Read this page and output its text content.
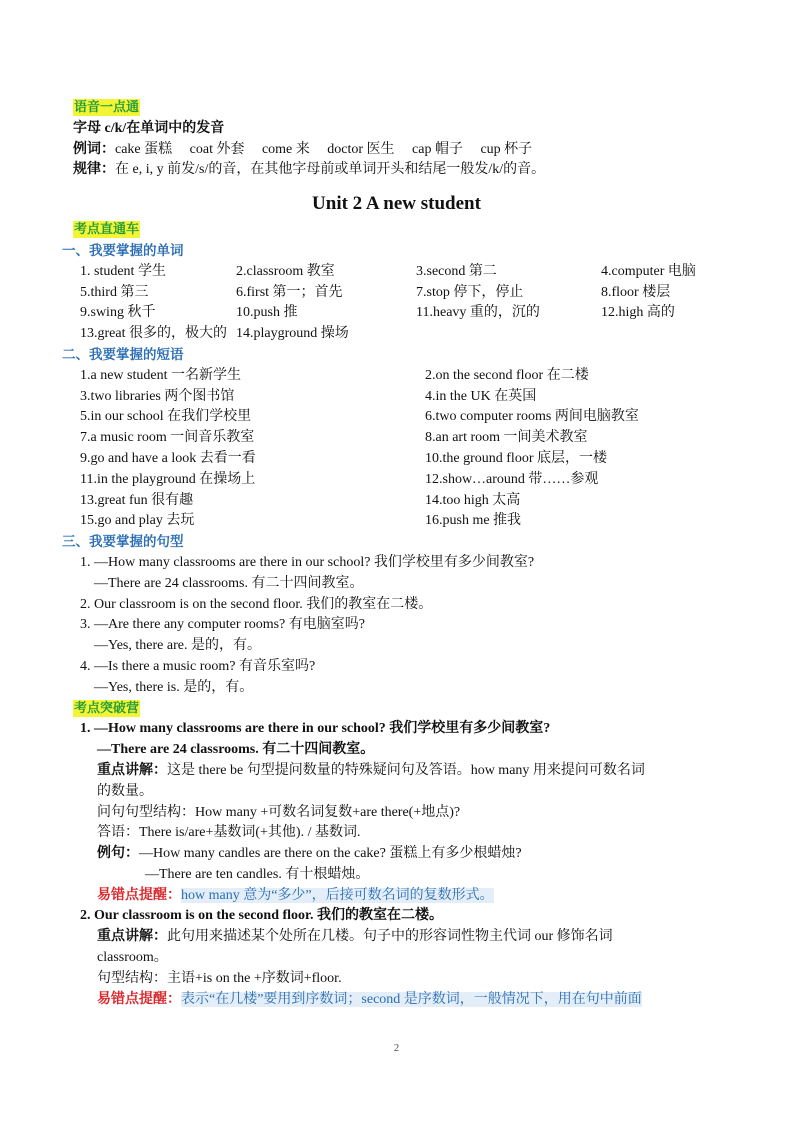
语音一点通
字母 c/k/在单词中的发音
例词：cake 蛋糕　 coat 外套　 come 来　 doctor 医生　 cap 帽子　 cup 杯子
规律：在 e, i, y 前发/s/的音，在其他字母前或单词开头和结尾一般发/k/的音。
Unit 2 A new student
考点直通车
一、我要掌握的单词
1. student 学生	2.classroom 教室	3.second 第二	4.computer 电脑
5.third 第三	6.first 第一；首先	7.stop 停下，停止	8.floor 楼层
9.swing 秋千	10.push 推	11.heavy 重的，沉的	12.high 高的
13.great 很多的，极大的 14.playground 操场
二、我要掌握的短语
1.a new student 一名新学生	2.on the second floor 在二楼
3.two libraries 两个图书馆	4.in the UK 在英国
5.in our school 在我们学校里	6.two computer rooms 两间电脑教室
7.a music room 一间音乐教室	8.an art room 一间美术教室
9.go and have a look 去看一看	10.the ground floor 底层，一楼
11.in the playground 在操场上	12.show…around 带……参观
13.great fun 很有趣	14.too high 太高
15.go and play 去玩	16.push me 推我
三、我要掌握的句型
1. —How many classrooms are there in our school? 我们学校里有多少间教室?
　—There are 24 classrooms. 有二十四间教室。
2. Our classroom is on the second floor. 我们的教室在二楼。
3. —Are there any computer rooms? 有电脑室吗?
　—Yes, there are. 是的，有。
4. —Is there a music room? 有音乐室吗?
　—Yes, there is. 是的，有。
考点突破营
1. —How many classrooms are there in our school? 我们学校里有多少间教室?
—There are 24 classrooms. 有二十四间教室。
重点讲解：这是 there be 句型提问数量的特殊疑问句及答语。how many 用来提问可数名词
的数量。
问句句型结构：How many +可数名词复数+are there(+地点)?
答语：There is/are+基数词(+其他). / 基数词.
例句：—How many candles are there on the cake? 蛋糕上有多少根蜡烛?
—There are ten candles. 有十根蜡烛。
易错点提醒：how many 意为“多少”，后接可数名词的复数形式。
2. Our classroom is on the second floor. 我们的教室在二楼。
重点讲解：此句用来描述某个处所在几楼。句子中的形容词性物主代词 our 修饰名词
classroom。
句型结构：主语+is on the +序数词+floor.
易错点提醒：表示“在几楼”要用到序数词；second 是序数词，一般情况下，用在句中前面
2
